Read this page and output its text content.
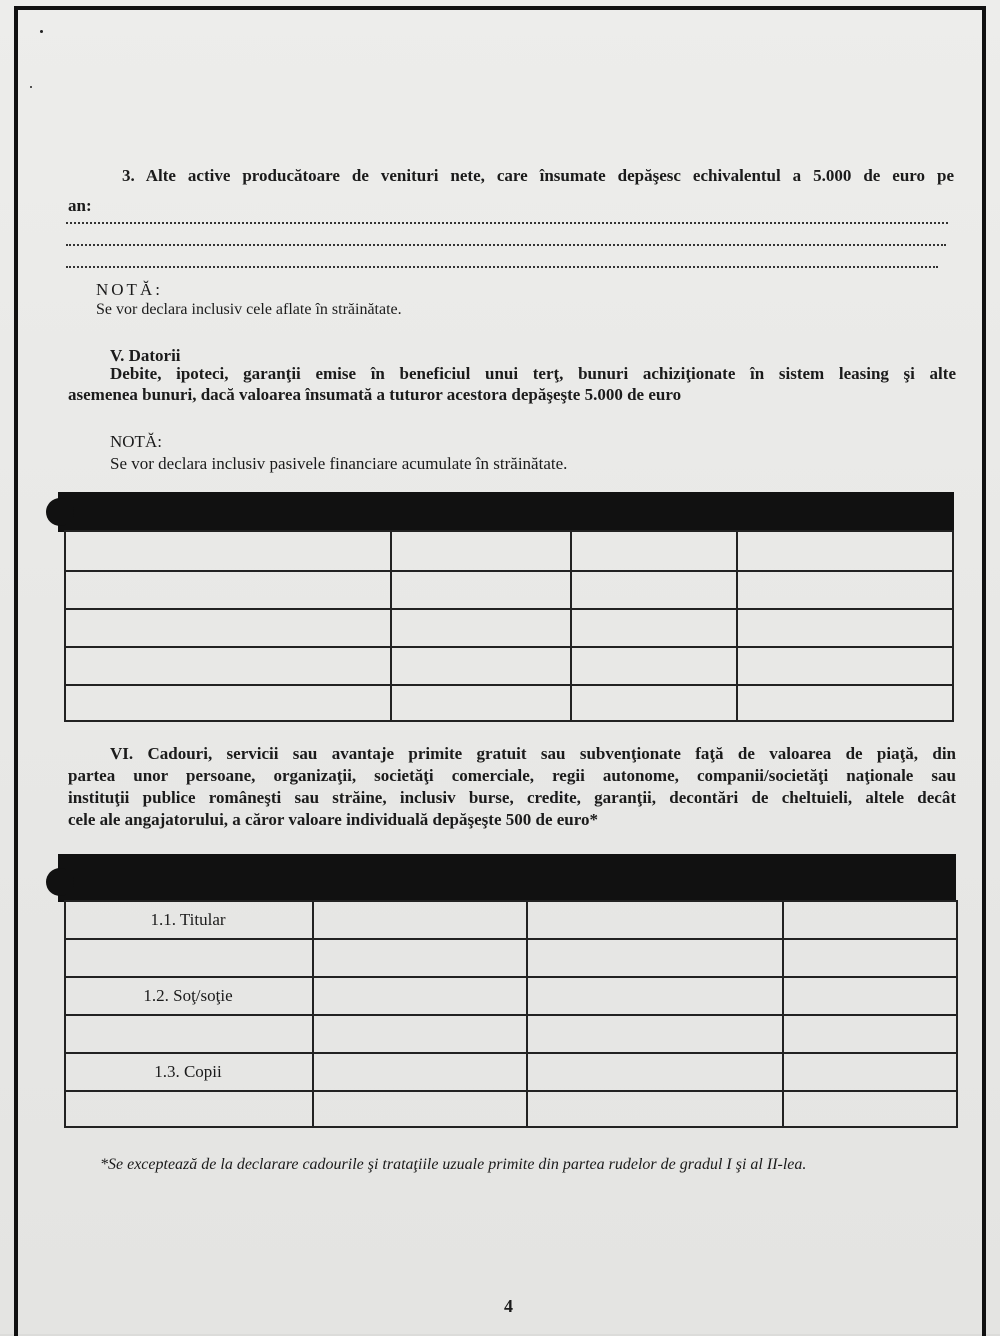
3. Alte active producătoare de venituri nete, care însumate depăşesc echivalentul a 5.000 de euro pe
an:
NOTĂ:
Se vor declara inclusiv cele aflate în străinătate.
V. Datorii
Debite, ipoteci, garanţii emise în beneficiul unui terţ, bunuri achiziţionate în sistem leasing şi alte
asemenea bunuri, dacă valoarea însumată a tuturor acestora depăşeşte 5.000 de euro
NOTĂ:
Se vor declara inclusiv pasivele financiare acumulate în străinătate.
VI. Cadouri, servicii sau avantaje primite gratuit sau subvenţionate faţă de valoarea de piaţă, din
partea unor persoane, organizaţii, societăţi comerciale, regii autonome, companii/societăţi naţionale sau
instituţii publice româneşti sau străine, inclusiv burse, credite, garanţii, decontări de cheltuieli, altele decât
cele ale angajatorului, a căror valoare individuală depăşeşte 500 de euro*
1.1. Titular
1.2. Soţ/soţie
1.3. Copii
*Se exceptează de la declarare cadourile şi trataţiile uzuale primite din partea rudelor de gradul I şi al II-lea.
4
